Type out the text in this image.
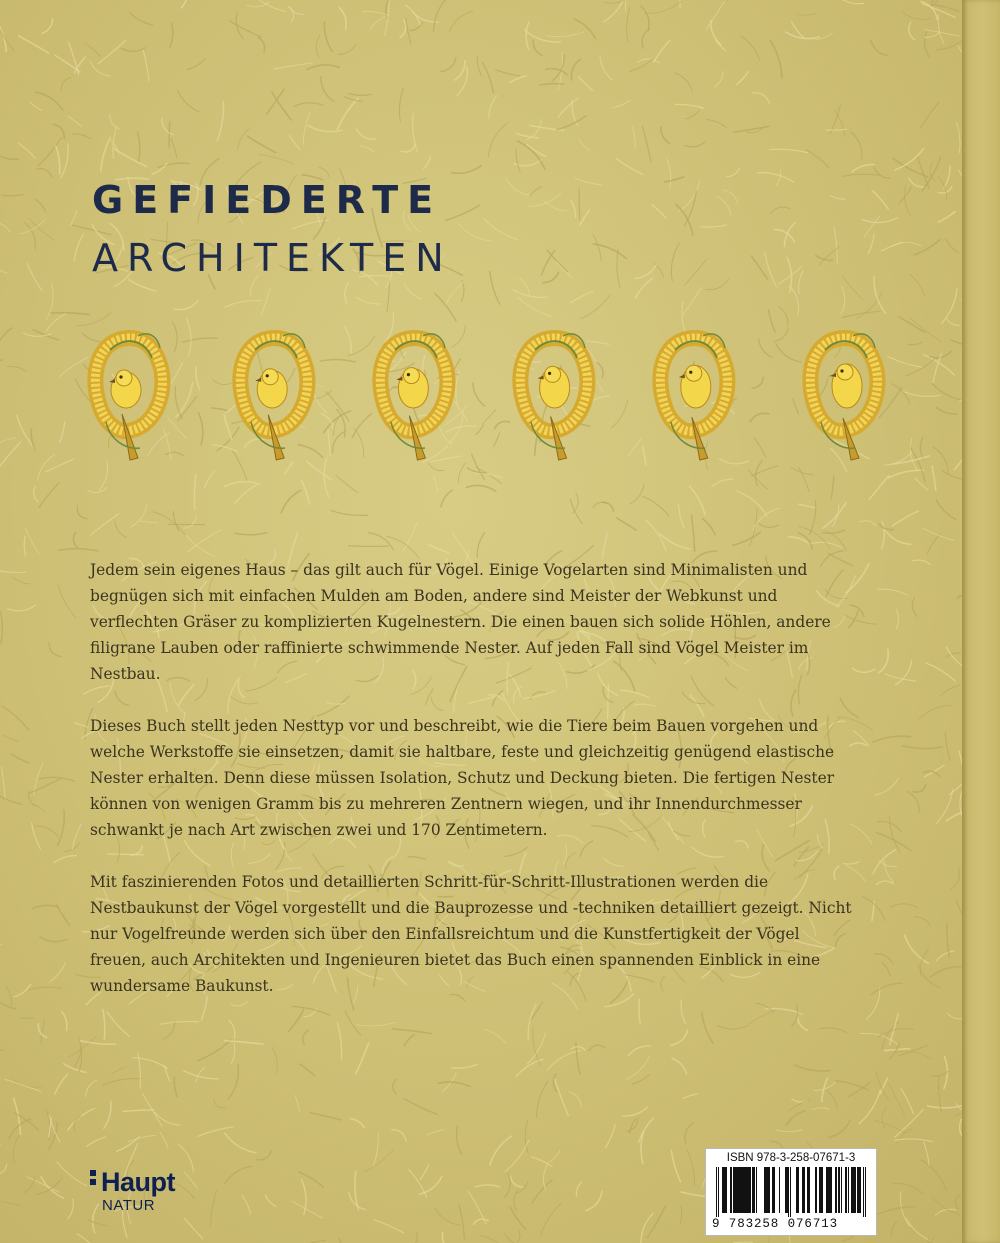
GEFIEDERTE
ARCHITEKTEN

Jedem sein eigenes Haus – das gilt auch für Vögel. Einige Vogelarten sind Minimalisten und begnügen sich mit einfachen Mulden am Boden, andere sind Meister der Webkunst und verflechten Gräser zu komplizierten Kugelnestern. Die einen bauen sich solide Höhlen, andere filigrane Lauben oder raffinierte schwimmende Nester. Auf jeden Fall sind Vögel Meister im Nestbau.

Dieses Buch stellt jeden Nesttyp vor und beschreibt, wie die Tiere beim Bauen vorgehen und welche Werkstoffe sie einsetzen, damit sie haltbare, feste und gleichzeitig genügend elastische Nester erhalten. Denn diese müssen Isolation, Schutz und Deckung bieten. Die fertigen Nester können von wenigen Gramm bis zu mehreren Zentnern wiegen, und ihr Innendurchmesser schwankt je nach Art zwischen zwei und 170 Zentimetern.

Mit faszinierenden Fotos und detaillierten Schritt-für-Schritt-Illustrationen werden die Nestbaukunst der Vögel vorgestellt und die Bauprozesse und -techniken detailliert gezeigt. Nicht nur Vogelfreunde werden sich über den Einfallsreichtum und die Kunstfertigkeit der Vögel freuen, auch Architekten und Ingenieuren bietet das Buch einen spannenden Einblick in eine wundersame Baukunst.

Haupt
NATUR
ISBN 978-3-258-07671-3
9 783258 076713
